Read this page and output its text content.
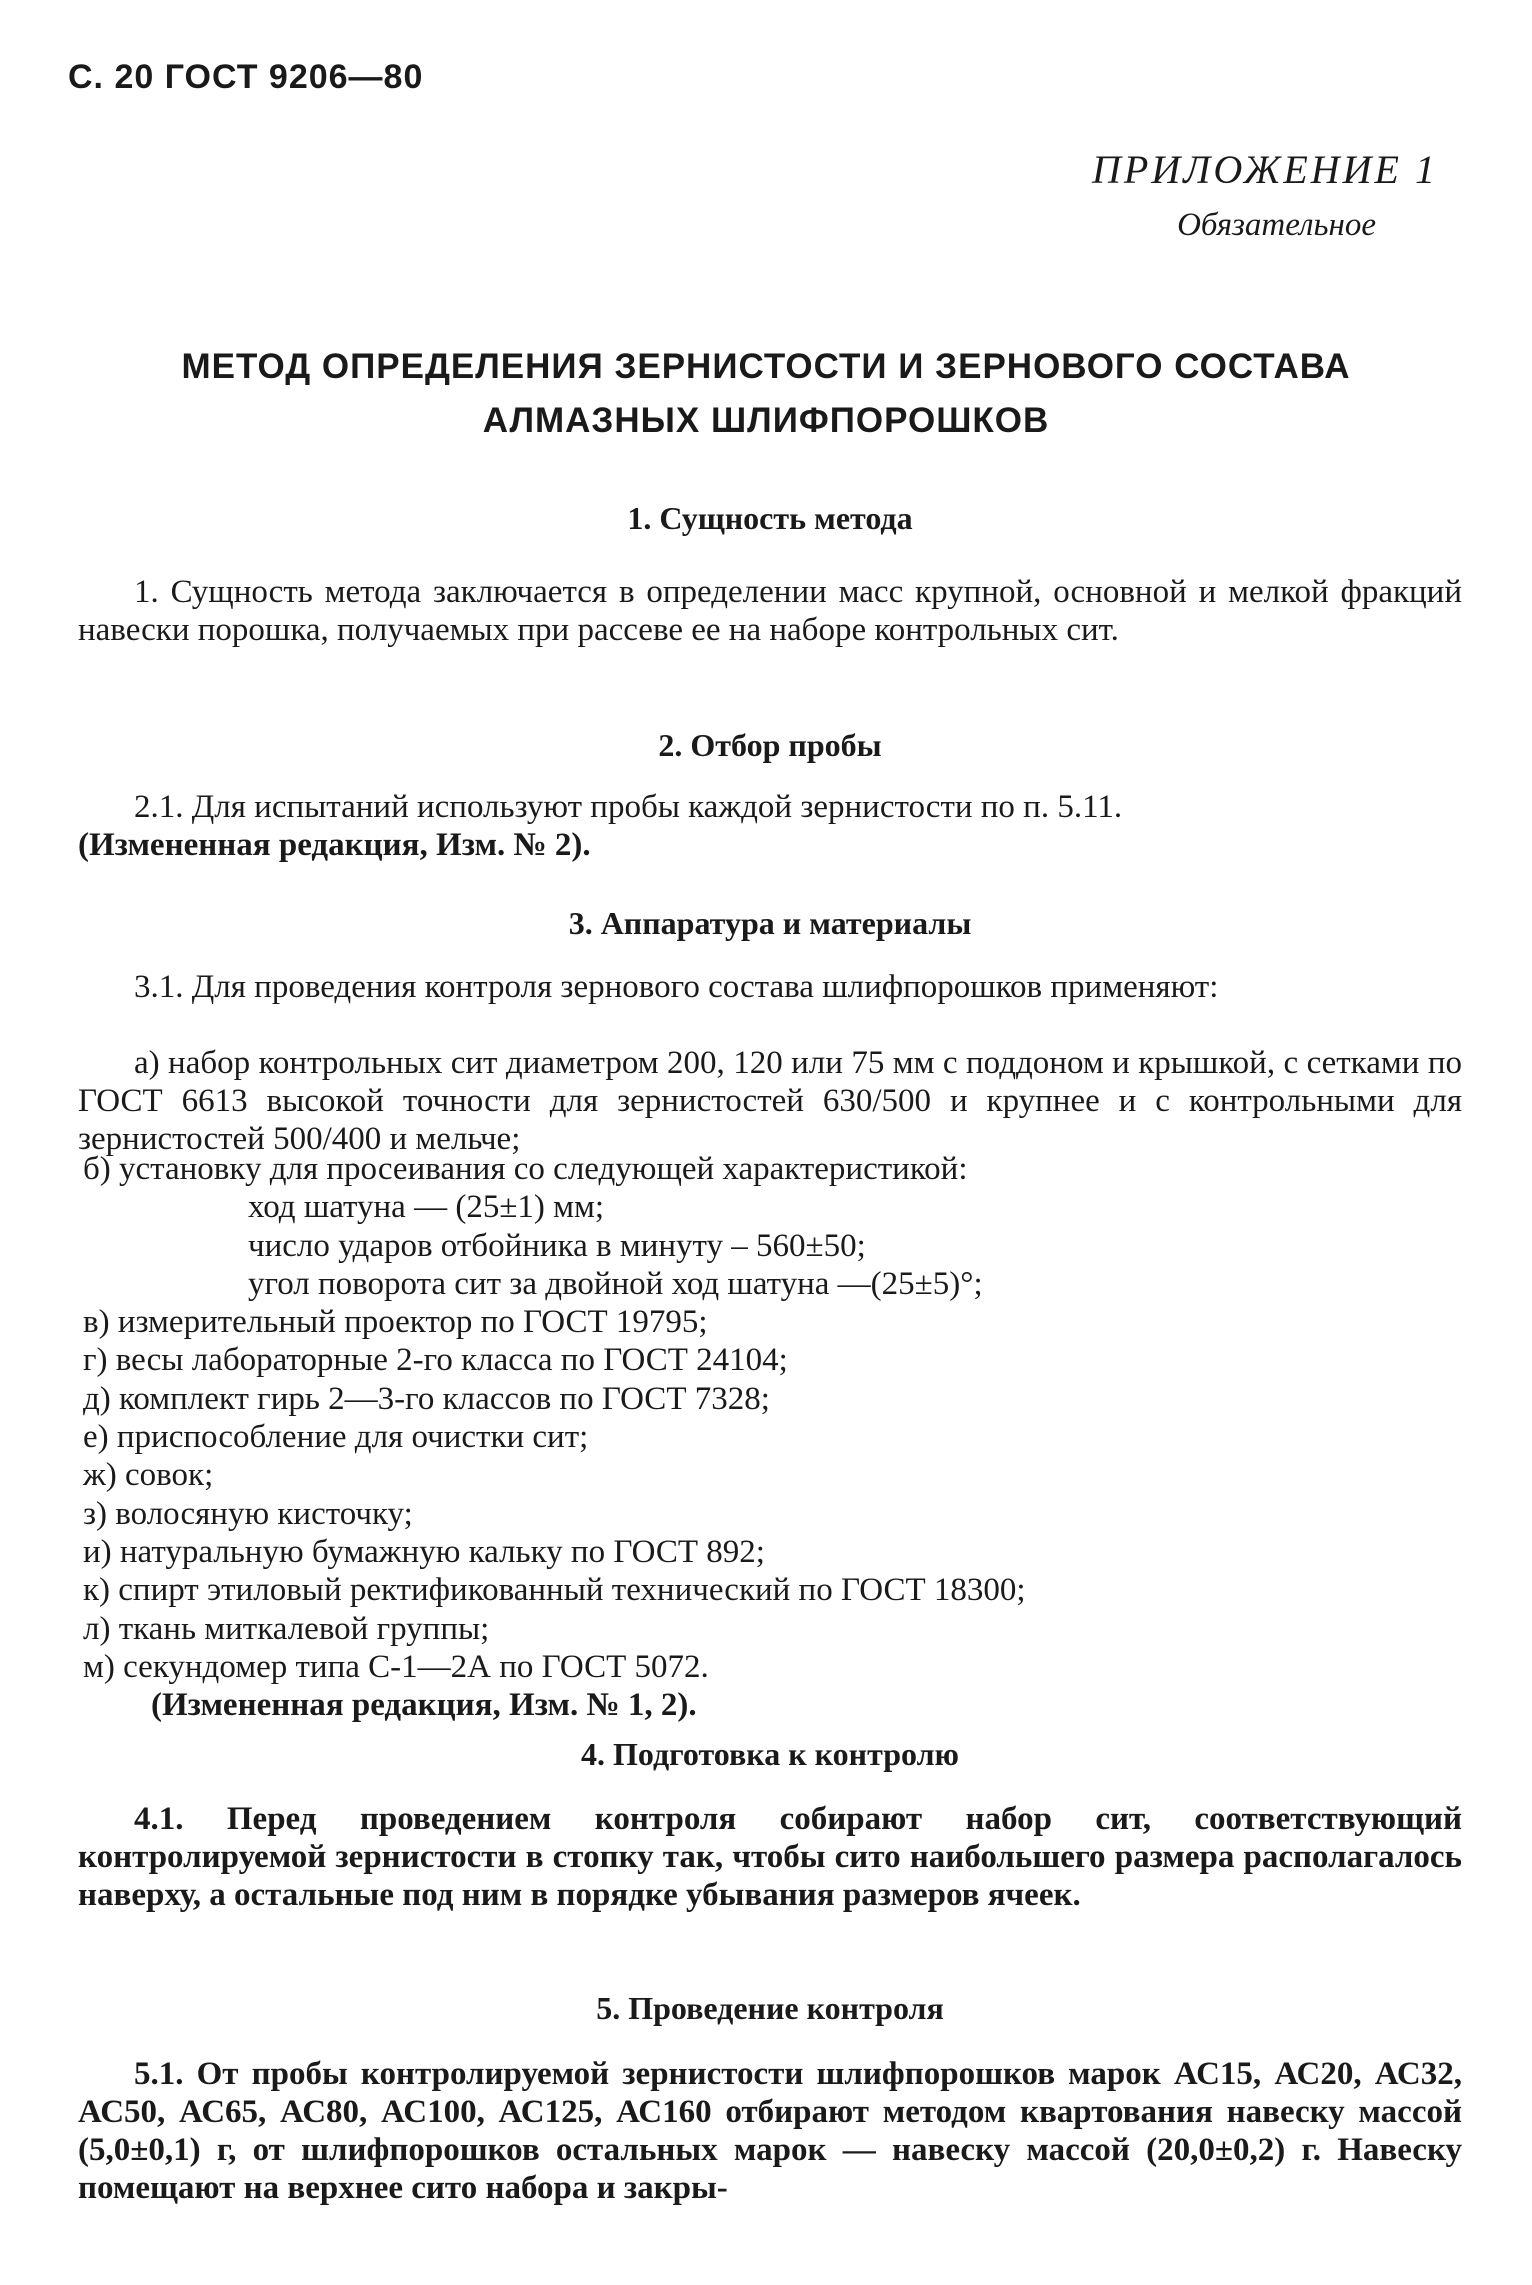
С. 20 ГОСТ 9206—80
ПРИЛОЖЕНИЕ 1
Обязательное
МЕТОД ОПРЕДЕЛЕНИЯ ЗЕРНИСТОСТИ И ЗЕРНОВОГО СОСТАВА
АЛМАЗНЫХ ШЛИФПОРОШКОВ
1. Сущность метода
1. Сущность метода заключается в определении масс крупной, основной и мелкой фракций навески порошка, получаемых при рассеве ее на наборе контрольных сит.
2. Отбор пробы
2.1. Для испытаний используют пробы каждой зернистости по п. 5.11.
(Измененная редакция, Изм. № 2).
3. Аппаратура и материалы
3.1. Для проведения контроля зернового состава шлифпорошков применяют:
а) набор контрольных сит диаметром 200, 120 или 75 мм с поддоном и крышкой, с сетками по ГОСТ 6613 высокой точности для зернистостей 630/500 и крупнее и с контрольными для зернистостей 500/400 и мельче;
б) установку для просеивания со следующей характеристикой:
ход шатуна — (25±1) мм;
число ударов отбойника в минуту – 560±50;
угол поворота сит за двойной ход шатуна —(25±5)°;
в) измерительный проектор по ГОСТ 19795;
г) весы лабораторные 2-го класса по ГОСТ 24104;
д) комплект гирь 2—3-го классов по ГОСТ 7328;
е) приспособление для очистки сит;
ж) совок;
з) волосяную кисточку;
и) натуральную бумажную кальку по ГОСТ 892;
к) спирт этиловый ректификованный технический по ГОСТ 18300;
л) ткань миткалевой группы;
м) секундомер типа С-1—2А по ГОСТ 5072.
(Измененная редакция, Изм. № 1, 2).
4. Подготовка к контролю
4.1. Перед проведением контроля собирают набор сит, соответствующий контролируемой зернистости в стопку так, чтобы сито наибольшего размера располагалось наверху, а остальные под ним в порядке убывания размеров ячеек.
5. Проведение контроля
5.1. От пробы контролируемой зернистости шлифпорошков марок АС15, АС20, АС32, АС50, АС65, АС80, АС100, АС125, АС160 отбирают методом квартования навеску массой (5,0±0,1) г, от шлифпорошков остальных марок — навеску массой (20,0±0,2) г. Навеску помещают на верхнее сито набора и закры-
